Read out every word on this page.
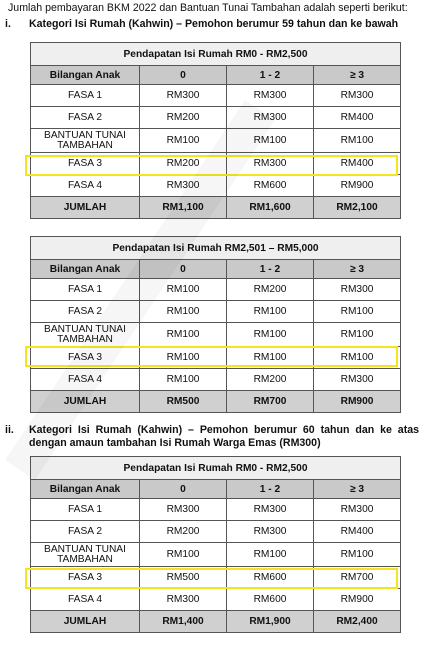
Jumlah pembayaran BKM 2022 dan Bantuan Tunai Tambahan adalah seperti berikut:
i. Kategori Isi Rumah (Kahwin) – Pemohon berumur 59 tahun dan ke bawah
Pendapatan Isi Rumah RM0 - RM2,500			
Bilangan Anak	0	1 - 2	≥ 3
FASA 1	RM300	RM300	RM300
FASA 2	RM200	RM300	RM400
BANTUAN TUNAI TAMBAHAN	RM100	RM100	RM100
FASA 3	RM200	RM300	RM400
FASA 4	RM300	RM600	RM900
JUMLAH	RM1,100	RM1,600	RM2,100
Pendapatan Isi Rumah RM2,501 – RM5,000			
Bilangan Anak	0	1 - 2	≥ 3
FASA 1	RM100	RM200	RM300
FASA 2	RM100	RM100	RM100
BANTUAN TUNAI TAMBAHAN	RM100	RM100	RM100
FASA 3	RM100	RM100	RM100
FASA 4	RM100	RM200	RM300
JUMLAH	RM500	RM700	RM900
ii. Kategori Isi Rumah (Kahwin) – Pemohon berumur 60 tahun dan ke atas dengan amaun tambahan Isi Rumah Warga Emas (RM300)
Pendapatan Isi Rumah RM0 - RM2,500			
Bilangan Anak	0	1 - 2	≥ 3
FASA 1	RM300	RM300	RM300
FASA 2	RM200	RM300	RM400
BANTUAN TUNAI TAMBAHAN	RM100	RM100	RM100
FASA 3	RM500	RM600	RM700
FASA 4	RM300	RM600	RM900
JUMLAH	RM1,400	RM1,900	RM2,400
